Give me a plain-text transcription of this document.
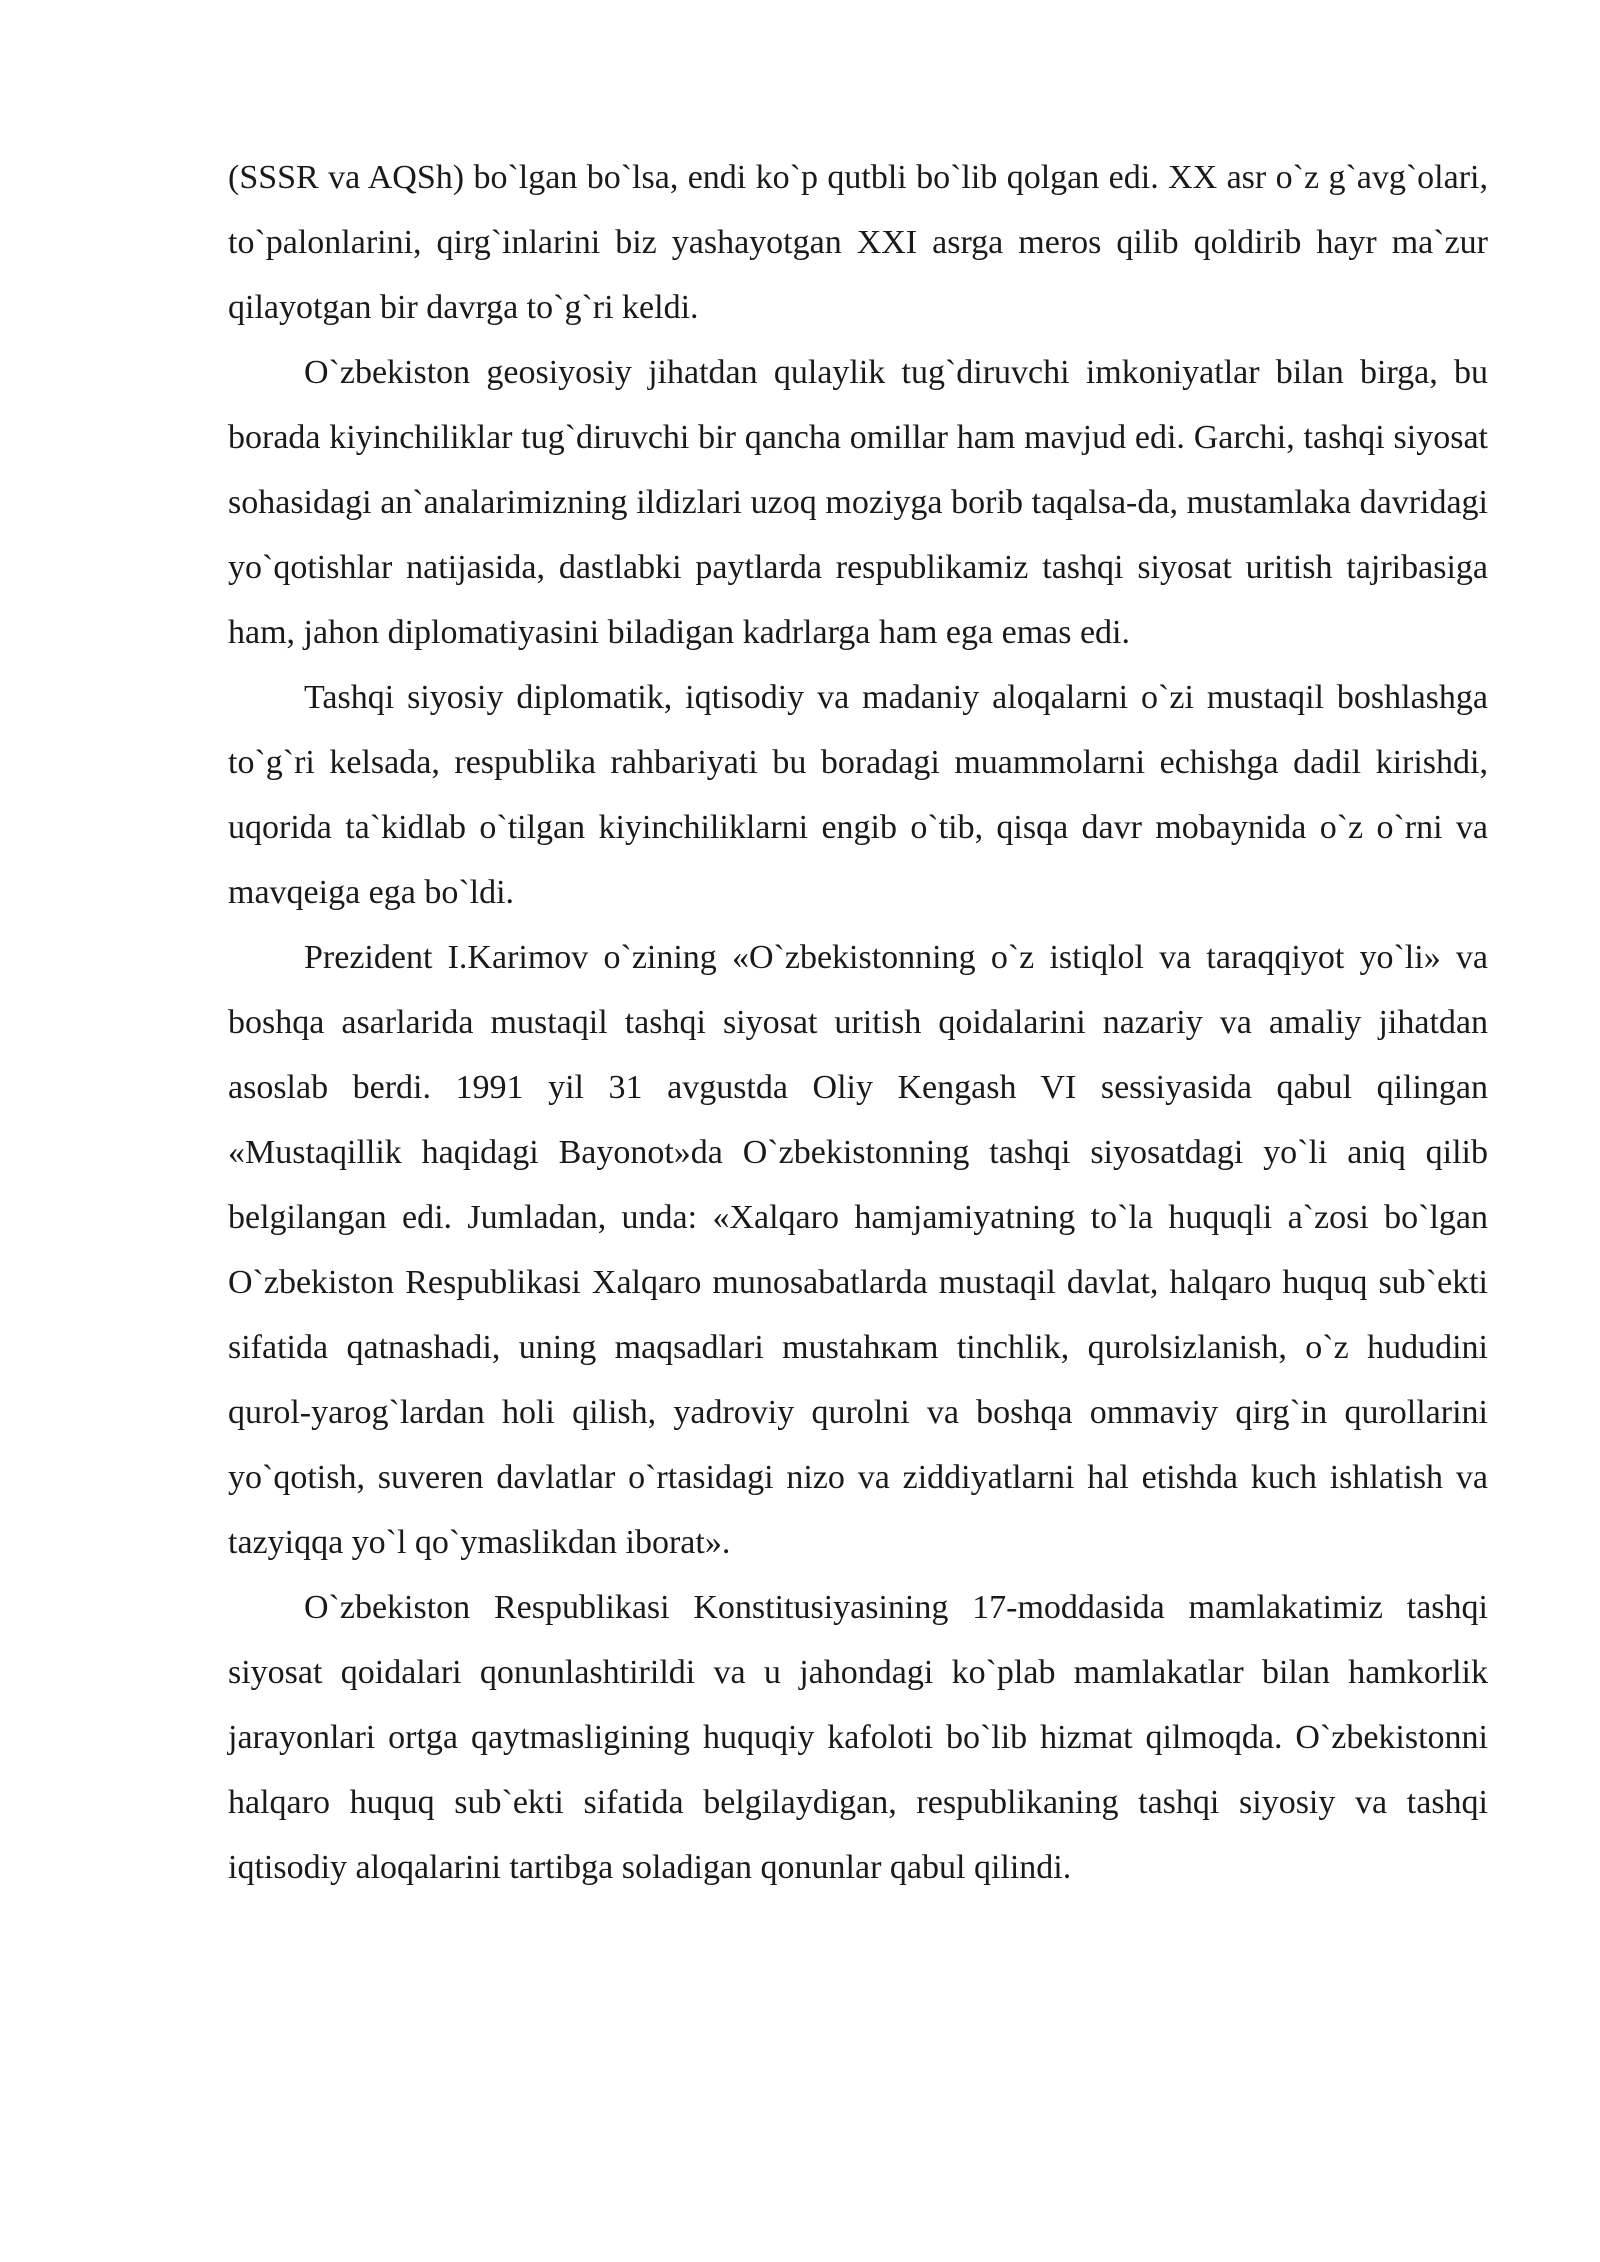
(SSSR va AQSh) bo`lgan bo`lsa, endi ko`p qutbli bo`lib qolgan edi. XX asr o`z g`avg`olari, to`palonlarini, qirg`inlarini biz yashayotgan XXI asrga meros qilib qoldirib hayr ma`zur qilayotgan bir davrga to`g`ri keldi.

O`zbekiston geosiyosiy jihatdan qulaylik tug`diruvchi imkoniyatlar bilan birga, bu borada kiyinchiliklar tug`diruvchi bir qancha omillar ham mavjud edi. Garchi, tashqi siyosat sohasidagi an`analarimizning ildizlari uzoq moziyga borib taqalsa-da, mustamlaka davridagi yo`qotishlar natijasida, dastlabki paytlarda respublikamiz tashqi siyosat uritish tajribasiga ham, jahon diplomatiyasini biladigan kadrlarga ham ega emas edi.

Tashqi siyosiy diplomatik, iqtisodiy va madaniy aloqalarni o`zi mustaqil boshlashga to`g`ri kelsada, respublika rahbariyati bu boradagi muammolarni echishga dadil kirishdi, uqorida ta`kidlab o`tilgan kiyinchiliklarni engib o`tib, qisqa davr mobaynida o`z o`rni va mavqeiga ega bo`ldi.

Prezident I.Karimov o`zining «O`zbekistonning o`z istiqlol va taraqqiyot yo`li» va boshqa asarlarida mustaqil tashqi siyosat uritish qoidalarini nazariy va amaliy jihatdan asoslab berdi. 1991 yil 31 avgustda Oliy Kengash VI sessiyasida qabul qilingan «Mustaqillik haqidagi Bayonot»da O`zbekistonning tashqi siyosatdagi yo`li aniq qilib belgilangan edi. Jumladan, unda: «Xalqaro hamjamiyatning to`la huquqli a`zosi bo`lgan O`zbekiston Respublikasi Xalqaro munosabatlarda mustaqil davlat, halqaro huquq sub`ekti sifatida qatnashadi, uning maqsadlari mustahкam tinchlik, qurolsizlanish, o`z hududini qurol-yarog`lardan holi qilish, yadroviy qurolni va boshqa ommaviy qirg`in qurollarini yo`qotish, suveren davlatlar o`rtasidagi nizo va ziddiyatlarni hal etishda kuch ishlatish va tazyiqqa yo`l qo`ymaslikdan iborat».

O`zbekiston Respublikasi Konstitusiyasining 17-moddasida mamlakatimiz tashqi siyosat qoidalari qonunlashtirildi va u jahondagi ko`plab mamlakatlar bilan hamkorlik jarayonlari ortga qaytmasligining huquqiy kafoloti bo`lib hizmat qilmoqda. O`zbekistonni halqaro huquq sub`ekti sifatida belgilaydigan, respublikaning tashqi siyosiy va tashqi iqtisodiy aloqalarini tartibga soladigan qonunlar qabul qilindi.
